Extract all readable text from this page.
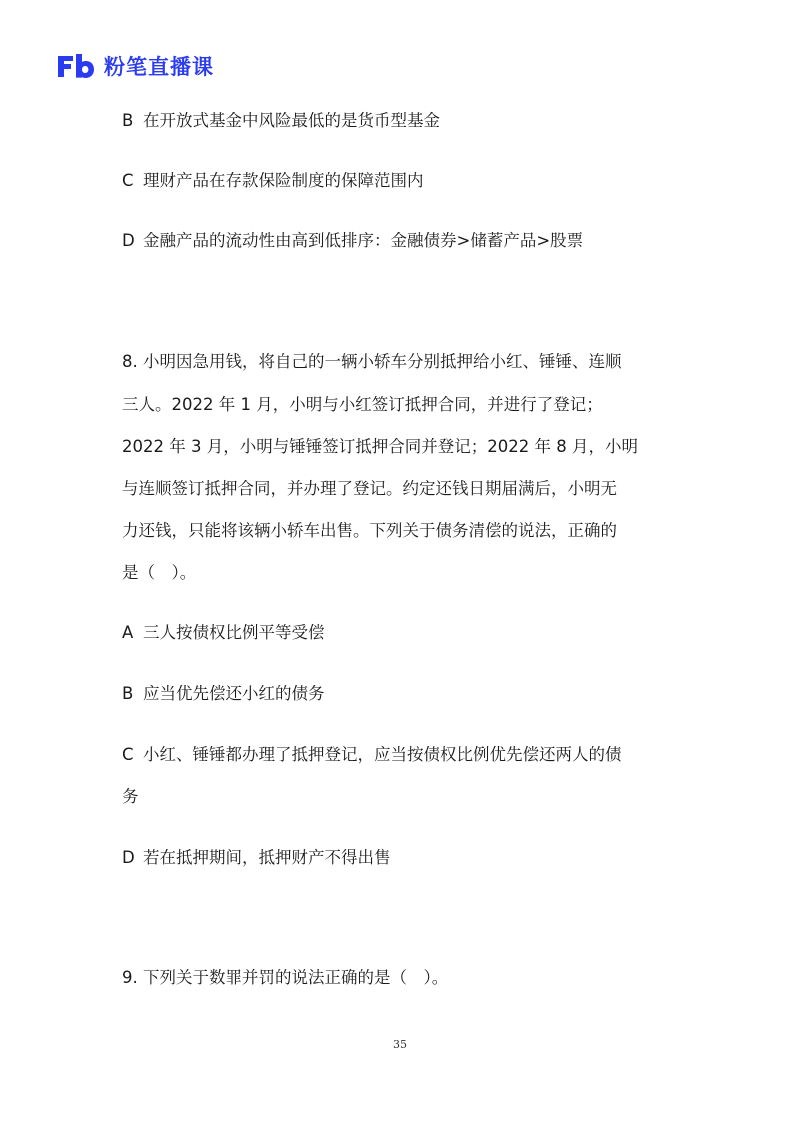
粉笔直播课
B 在开放式基金中风险最低的是货币型基金
C 理财产品在存款保险制度的保障范围内
D 金融产品的流动性由高到低排序：金融债券>储蓄产品>股票
8. 小明因急用钱，将自己的一辆小轿车分别抵押给小红、锤锤、连顺
三人。2022 年 1 月，小明与小红签订抵押合同，并进行了登记；
2022 年 3 月，小明与锤锤签订抵押合同并登记；2022 年 8 月，小明
与连顺签订抵押合同，并办理了登记。约定还钱日期届满后，小明无
力还钱，只能将该辆小轿车出售。下列关于债务清偿的说法，正确的
是（　）。
A 三人按债权比例平等受偿
B 应当优先偿还小红的债务
C 小红、锤锤都办理了抵押登记，应当按债权比例优先偿还两人的债
务
D 若在抵押期间，抵押财产不得出售
9. 下列关于数罪并罚的说法正确的是（　）。
35
